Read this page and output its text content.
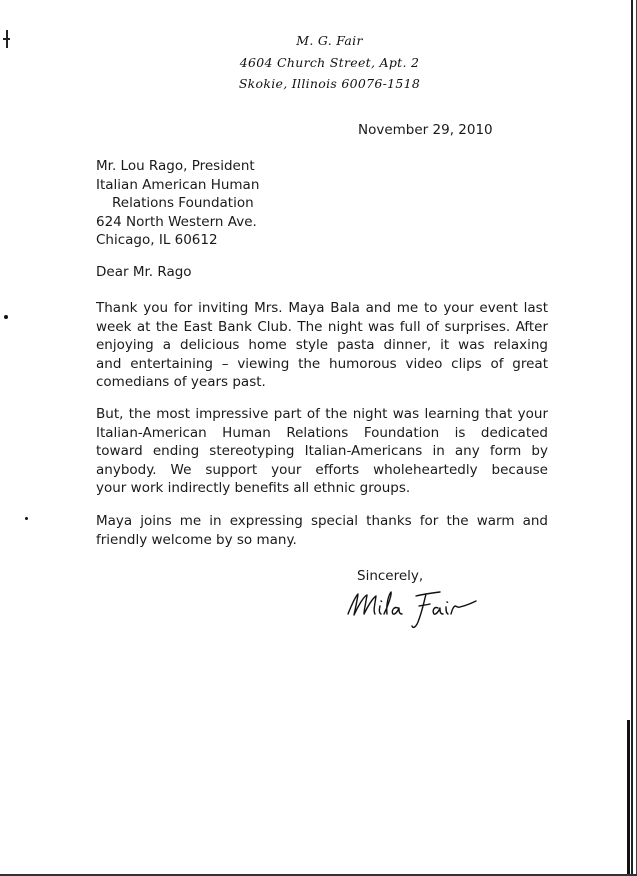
M. G. Fair
4604 Church Street, Apt. 2
Skokie, Illinois 60076-1518
November 29, 2010
Mr. Lou Rago, President
Italian American Human
Relations Foundation
624 North Western Ave.
Chicago, IL 60612
Dear Mr. Rago
Thank you for inviting Mrs. Maya Bala and me to your event last
week at the East Bank Club. The night was full of surprises. After
enjoying a delicious home style pasta dinner, it was relaxing
and entertaining – viewing the humorous video clips of great
comedians of years past.
But, the most impressive part of the night was learning that your
Italian-American Human Relations Foundation is dedicated
toward ending stereotyping Italian-Americans in any form by
anybody. We support your efforts wholeheartedly because
your work indirectly benefits all ethnic groups.
Maya joins me in expressing special thanks for the warm and
friendly welcome by so many.
Sincerely,
